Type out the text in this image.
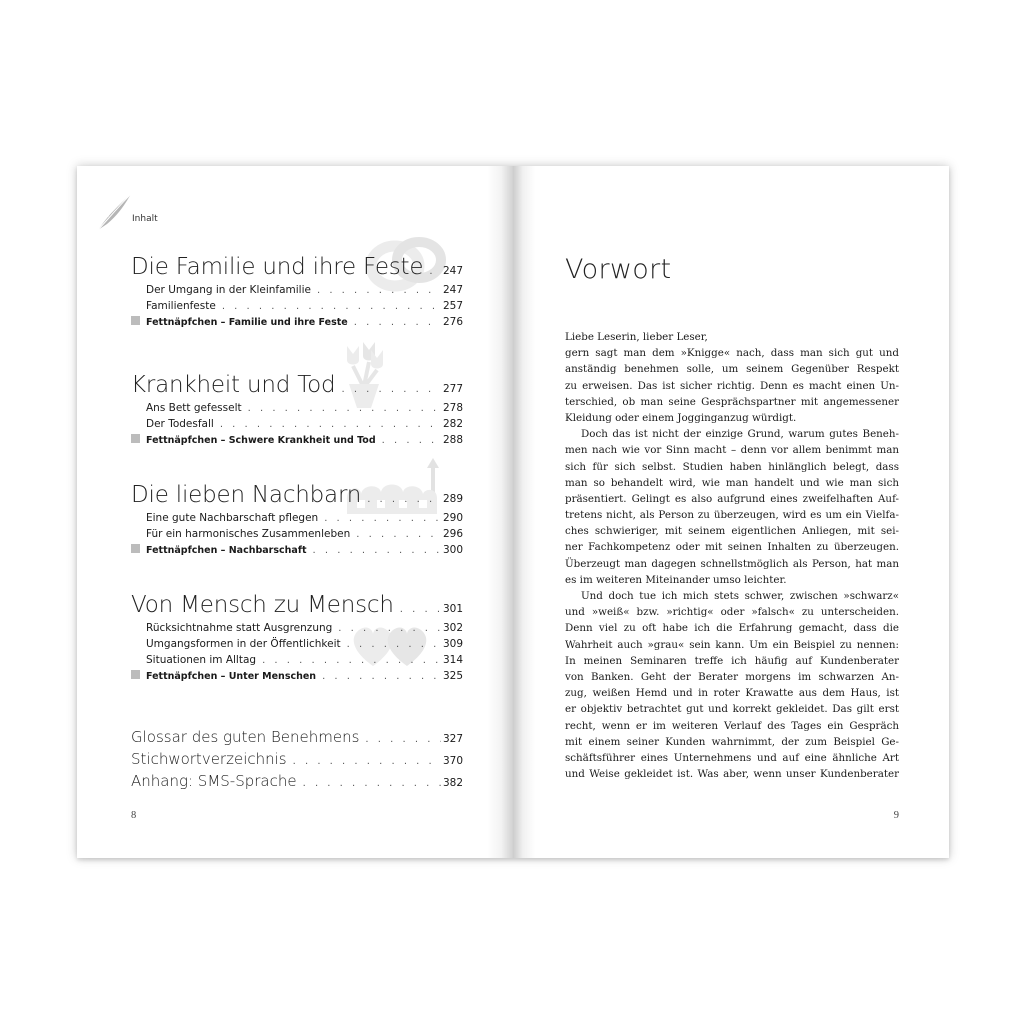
Inhalt
Die Familie und ihre Feste . . . 247
Der Umgang in der Kleinfamilie . . .	247
Familienfeste . . .	257
Fettnäpfchen – Familie und ihre Feste . . .	276
Krankheit und Tod . . .	277
Ans Bett gefesselt . . .	278
Der Todesfall . . .	282
Fettnäpfchen – Schwere Krankheit und Tod . . .	288
Die lieben Nachbarn . . .	289
Eine gute Nachbarschaft pflegen . . .	290
Für ein harmonisches Zusammenleben . . .	296
Fettnäpfchen – Nachbarschaft . . .	300
Von Mensch zu Mensch . . .	301
Rücksichtnahme statt Ausgrenzung . . .	302
Umgangsformen in der Öffentlichkeit . . .	309
Situationen im Alltag . . .	314
Fettnäpfchen – Unter Menschen . . .	325
Glossar des guten Benehmens . . .	327
Stichwortverzeichnis . . .	370
Anhang: SMS-Sprache . . .	382
8
Vorwort
Liebe Leserin, lieber Leser,
gern sagt man dem »Knigge« nach, dass man sich gut und
anständig benehmen solle, um seinem Gegenüber Respekt
zu erweisen. Das ist sicher richtig. Denn es macht einen Un-
terschied, ob man seine Gesprächspartner mit angemessener
Kleidung oder einem Jogginganzug würdigt.
Doch das ist nicht der einzige Grund, warum gutes Beneh-
men nach wie vor Sinn macht – denn vor allem benimmt man
sich für sich selbst. Studien haben hinlänglich belegt, dass
man so behandelt wird, wie man handelt und wie man sich
präsentiert. Gelingt es also aufgrund eines zweifelhaften Auf-
tretens nicht, als Person zu überzeugen, wird es um ein Vielfa-
ches schwieriger, mit seinem eigentlichen Anliegen, mit sei-
ner Fachkompetenz oder mit seinen Inhalten zu überzeugen.
Überzeugt man dagegen schnellstmöglich als Person, hat man
es im weiteren Miteinander umso leichter.
Und doch tue ich mich stets schwer, zwischen »schwarz«
und »weiß« bzw. »richtig« oder »falsch« zu unterscheiden.
Denn viel zu oft habe ich die Erfahrung gemacht, dass die
Wahrheit auch »grau« sein kann. Um ein Beispiel zu nennen:
In meinen Seminaren treffe ich häufig auf Kundenberater
von Banken. Geht der Berater morgens im schwarzen An-
zug, weißen Hemd und in roter Krawatte aus dem Haus, ist
er objektiv betrachtet gut und korrekt gekleidet. Das gilt erst
recht, wenn er im weiteren Verlauf des Tages ein Gespräch
mit einem seiner Kunden wahrnimmt, der zum Beispiel Ge-
schäftsführer eines Unternehmens und auf eine ähnliche Art
und Weise gekleidet ist. Was aber, wenn unser Kundenberater
9
